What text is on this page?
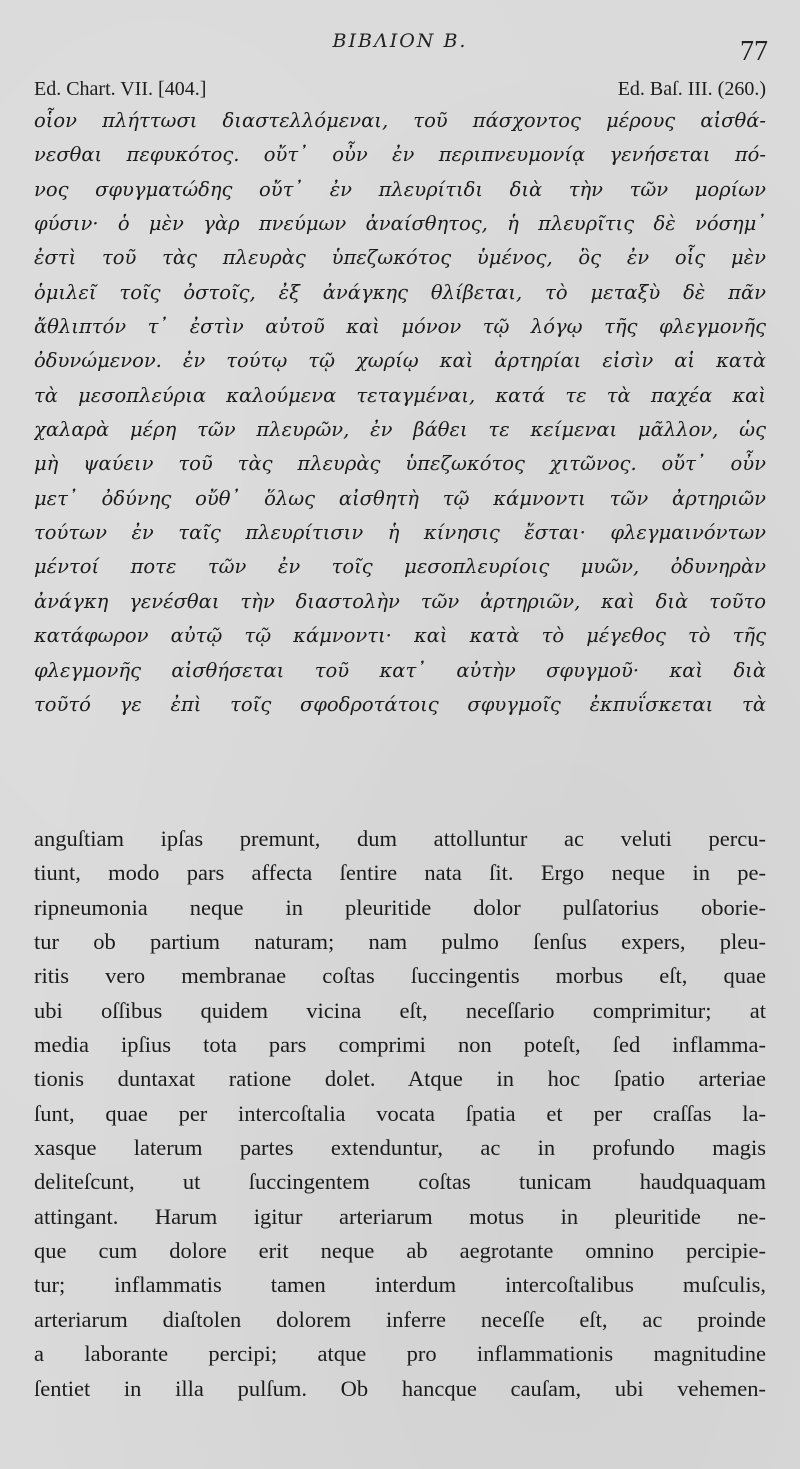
ΒΙΒΛΙΟΝ Β.	77
Ed. Chart. VII. [404.]	Ed. Baſ. III. (260.)
οἷον πλήττωσι διαστελλόμεναι, τοῦ πάσχοντος μέρους αἰσθά-
νεσθαι πεφυκότος. οὔτ᾽ οὖν ἐν περιπνευμονίᾳ γενήσεται πό-
νος σφυγματώδης οὔτ᾽ ἐν πλευρίτιδι διὰ τὴν τῶν μορίων
φύσιν· ὁ μὲν γὰρ πνεύμων ἀναίσθητος, ἡ πλευρῖτις δὲ νόσημ᾽
ἐστὶ τοῦ τὰς πλευρὰς ὑπεζωκότος ὑμένος, ὃς ἐν οἷς μὲν
ὁμιλεῖ τοῖς ὀστοῖς, ἐξ ἀνάγκης θλίβεται, τὸ μεταξὺ δὲ πᾶν
ἄθλιπτόν τ᾽ ἐστὶν αὐτοῦ καὶ μόνον τῷ λόγῳ τῆς φλεγμονῆς
ὀδυνώμενον. ἐν τούτῳ τῷ χωρίῳ καὶ ἀρτηρίαι εἰσὶν αἱ κατὰ
τὰ μεσοπλεύρια καλούμενα τεταγμέναι, κατά τε τὰ παχέα καὶ
χαλαρὰ μέρη τῶν πλευρῶν, ἐν βάθει τε κείμεναι μᾶλλον, ὡς
μὴ ψαύειν τοῦ τὰς πλευρὰς ὑπεζωκότος χιτῶνος. οὔτ᾽ οὖν
μετ᾽ ὀδύνης οὔθ᾽ ὅλως αἰσθητὴ τῷ κάμνοντι τῶν ἀρτηριῶν
τούτων ἐν ταῖς πλευρίτισιν ἡ κίνησις ἔσται· φλεγμαινόντων
μέντοί ποτε τῶν ἐν τοῖς μεσοπλευρίοις μυῶν, ὀδυνηρὰν
ἀνάγκη γενέσθαι τὴν διαστολὴν τῶν ἀρτηριῶν, καὶ διὰ τοῦτο
κατάφωρον αὐτῷ τῷ κάμνοντι· καὶ κατὰ τὸ μέγεθος τὸ τῆς
φλεγμονῆς αἰσθήσεται τοῦ κατ᾽ αὐτὴν σφυγμοῦ· καὶ διὰ
τοῦτό γε ἐπὶ τοῖς σφοδροτάτοις σφυγμοῖς ἐκπυΐσκεται τὰ
anguſtiam ipſas premunt, dum attolluntur ac veluti percu-
tiunt, modo pars affecta ſentire nata ſit. Ergo neque in pe-
ripneumonia neque in pleuritide dolor pulſatorius oborie-
tur ob partium naturam; nam pulmo ſenſus expers, pleu-
ritis vero membranae coſtas ſuccingentis morbus eſt, quae
ubi oſſibus quidem vicina eſt, neceſſario comprimitur; at
media ipſius tota pars comprimi non poteſt, ſed inflamma-
tionis duntaxat ratione dolet. Atque in hoc ſpatio arteriae
ſunt, quae per intercoſtalia vocata ſpatia et per craſſas la-
xasque laterum partes extenduntur, ac in profundo magis
deliteſcunt, ut ſuccingentem coſtas tunicam haudquaquam
attingant. Harum igitur arteriarum motus in pleuritide ne-
que cum dolore erit neque ab aegrotante omnino percipie-
tur; inflammatis tamen interdum intercoſtalibus muſculis,
arteriarum diaſtolen dolorem inferre neceſſe eſt, ac proinde
a laborante percipi; atque pro inflammationis magnitudine
ſentiet in illa pulſum. Ob hancque cauſam, ubi vehemen-
